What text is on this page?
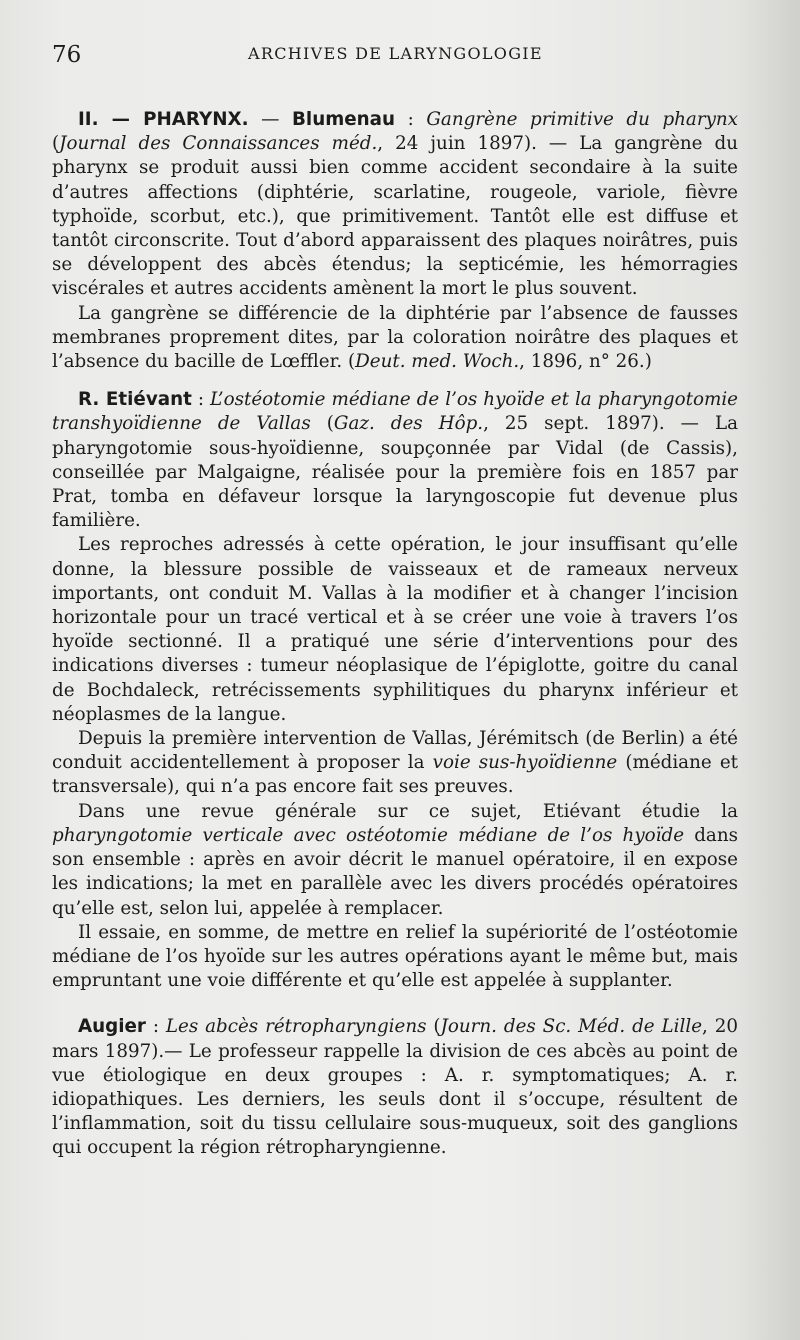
76	ARCHIVES DE LARYNGOLOGIE

II. — PHARYNX. — Blumenau : Gangrène primitive du pharynx (Journal des Connaissances méd., 24 juin 1897). — La gangrène du pharynx se produit aussi bien comme accident secondaire à la suite d’autres affections (diphtérie, scarlatine, rougeole, variole, fièvre typhoïde, scorbut, etc.), que primitivement. Tantôt elle est diffuse et tantôt circonscrite. Tout d’abord apparaissent des plaques noirâtres, puis se développent des abcès étendus; la septicémie, les hémorragies viscérales et autres accidents amènent la mort le plus souvent.

La gangrène se différencie de la diphtérie par l’absence de fausses membranes proprement dites, par la coloration noirâtre des plaques et l’absence du bacille de Lœffler. (Deut. med. Woch., 1896, n° 26.)

R. Etiévant : L’ostéotomie médiane de l’os hyoïde et la pharyngotomie transhyoïdienne de Vallas (Gaz. des Hôp., 25 sept. 1897). — La pharyngotomie sous-hyoïdienne, soupçonnée par Vidal (de Cassis), conseillée par Malgaigne, réalisée pour la première fois en 1857 par Prat, tomba en défaveur lorsque la laryngoscopie fut devenue plus familière.

Les reproches adressés à cette opération, le jour insuffisant qu’elle donne, la blessure possible de vaisseaux et de rameaux nerveux importants, ont conduit M. Vallas à la modifier et à changer l’incision horizontale pour un tracé vertical et à se créer une voie à travers l’os hyoïde sectionné. Il a pratiqué une série d’interventions pour des indications diverses : tumeur néoplasique de l’épiglotte, goitre du canal de Bochdaleck, retrécissements syphilitiques du pharynx inférieur et néoplasmes de la langue.

Depuis la première intervention de Vallas, Jérémitsch (de Berlin) a été conduit accidentellement à proposer la voie sus-hyoïdienne (médiane et transversale), qui n’a pas encore fait ses preuves.

Dans une revue générale sur ce sujet, Etiévant étudie la pharyngotomie verticale avec ostéotomie médiane de l’os hyoïde dans son ensemble : après en avoir décrit le manuel opératoire, il en expose les indications; la met en parallèle avec les divers procédés opératoires qu’elle est, selon lui, appelée à remplacer.

Il essaie, en somme, de mettre en relief la supériorité de l’ostéotomie médiane de l’os hyoïde sur les autres opérations ayant le même but, mais empruntant une voie différente et qu’elle est appelée à supplanter.

Augier : Les abcès rétropharyngiens (Journ. des Sc. Méd. de Lille, 20 mars 1897).— Le professeur rappelle la division de ces abcès au point de vue étiologique en deux groupes : A. r. symptomatiques; A. r. idiopathiques. Les derniers, les seuls dont il s’occupe, résultent de l’inflammation, soit du tissu cellulaire sous-muqueux, soit des ganglions qui occupent la région rétropharyngienne.
